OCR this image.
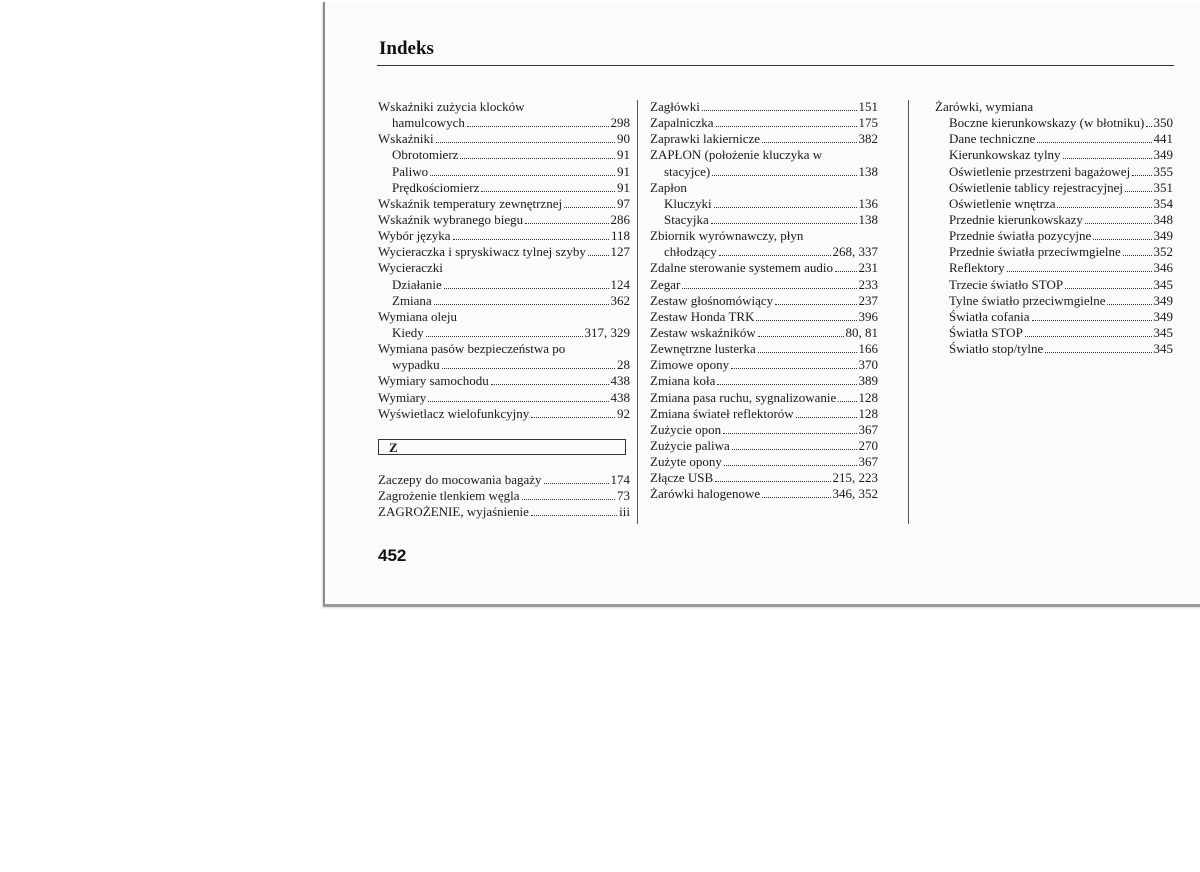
Indeks
Wskaźniki zużycia klocków
hamulcowych	298
Wskaźniki	90
Obrotomierz	91
Paliwo	91
Prędkościomierz	91
Wskaźnik temperatury zewnętrznej	97
Wskaźnik wybranego biegu	286
Wybór języka	118
Wycieraczka i spryskiwacz tylnej szyby 127
Wycieraczki
Działanie	124
Zmiana	362
Wymiana oleju
Kiedy	317, 329
Wymiana pasów bezpieczeństwa po
wypadku	28
Wymiary samochodu	438
Wymiary	438
Wyświetlacz wielofunkcyjny	92
Z
Zaczepy do mocowania bagaży	174
Zagrożenie tlenkiem węgla	73
ZAGROŻENIE, wyjaśnienie	iii
Zagłówki	151
Zapalniczka	175
Zaprawki lakiernicze	382
ZAPŁON (położenie kluczyka w
stacyjce)	138
Zapłon
Kluczyki	136
Stacyjka	138
Zbiornik wyrównawczy, płyn
chłodzący	268, 337
Zdalne sterowanie systemem audio 231
Zegar	233
Zestaw głośnomówiący	237
Zestaw Honda TRK	396
Zestaw wskaźników	80, 81
Zewnętrzne lusterka	166
Zimowe opony	370
Zmiana koła	389
Zmiana pasa ruchu, sygnalizowanie 128
Zmiana świateł reflektorów	128
Zużycie opon	367
Zużycie paliwa	270
Zużyte opony	367
Złącze USB	215, 223
Żarówki halogenowe	346, 352
Żarówki, wymiana
Boczne kierunkowskazy (w błotniku) 350
Dane techniczne	441
Kierunkowskaz tylny	349
Oświetlenie przestrzeni bagażowej 355
Oświetlenie tablicy rejestracyjnej 351
Oświetlenie wnętrza	354
Przednie kierunkowskazy	348
Przednie światła pozycyjne	349
Przednie światła przeciwmgielne	352
Reflektory	346
Trzecie światło STOP	345
Tylne światło przeciwmgielne	349
Światła cofania	349
Światła STOP	345
Światło stop/tylne	345
452
